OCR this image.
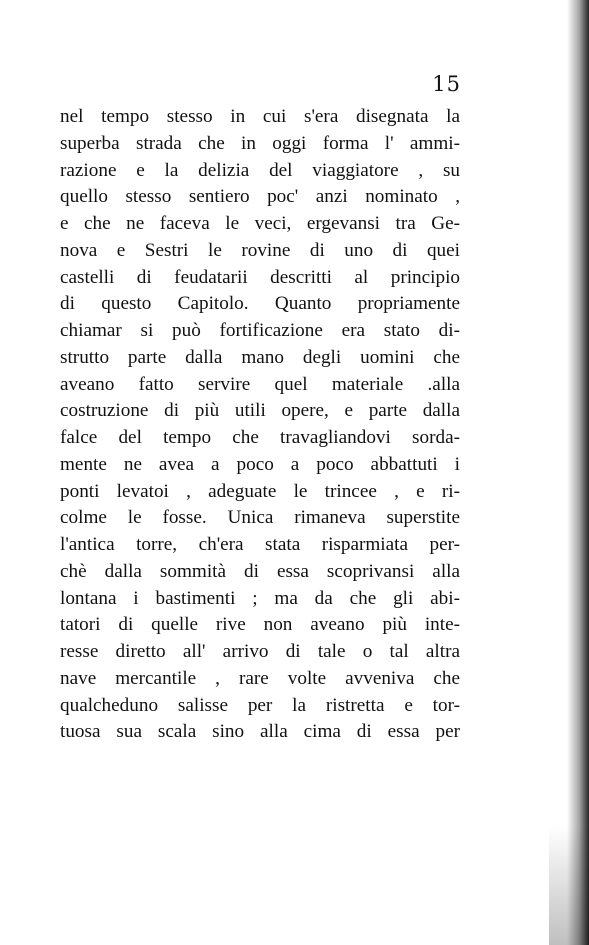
15
nel tempo stesso in cui s'era disegnata la
superba strada che in oggi forma l' ammi-
razione e la delizia del viaggiatore , su
quello stesso sentiero poc' anzi nominato ,
e che ne faceva le veci, ergevansi tra Ge-
nova e Sestri le rovine di uno di quei
castelli di feudatarii descritti al principio
di questo Capitolo. Quanto propriamente
chiamar si può fortificazione era stato di-
strutto parte dalla mano degli uomini che
aveano fatto servire quel materiale .alla
costruzione di più utili opere, e parte dalla
falce del tempo che travagliandovi sorda-
mente ne avea a poco a poco abbattuti i
ponti levatoi , adeguate le trincee , e ri-
colme le fosse. Unica rimaneva superstite
l'antica torre, ch'era stata risparmiata per-
chè dalla sommità di essa scoprivansi alla
lontana i bastimenti ; ma da che gli abi-
tatori di quelle rive non aveano più inte-
resse diretto all' arrivo di tale o tal altra
nave mercantile , rare volte avveniva che
qualcheduno salisse per la ristretta e tor-
tuosa sua scala sino alla cima di essa per
